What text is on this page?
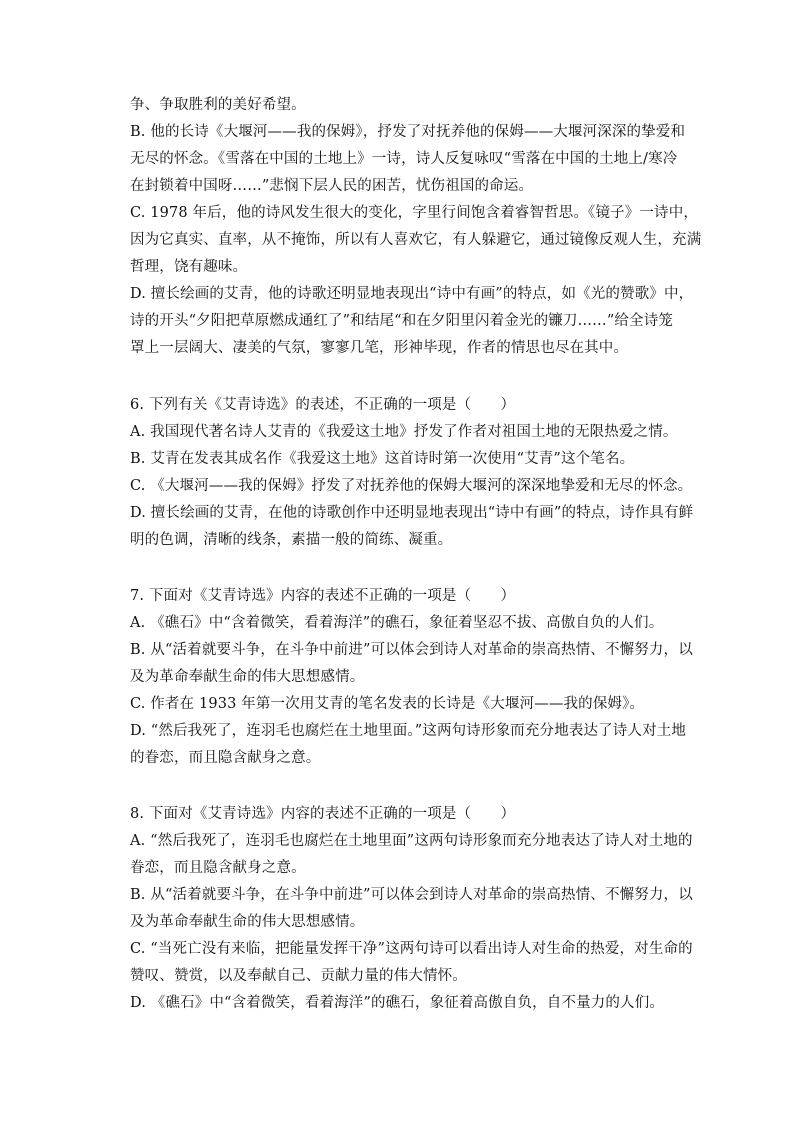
争、争取胜利的美好希望。
B. 他的长诗《大堰河——我的保姆》，抒发了对抚养他的保姆——大堰河深深的挚爱和
无尽的怀念。《雪落在中国的土地上》一诗，诗人反复咏叹“雪落在中国的土地上/寒冷
在封锁着中国呀……”悲悯下层人民的困苦，忧伤祖国的命运。
C. 1978 年后，他的诗风发生很大的变化，字里行间饱含着睿智哲思。《镜子》一诗中，
因为它真实、直率，从不掩饰，所以有人喜欢它，有人躲避它，通过镜像反观人生，充满
哲理，饶有趣味。
D. 擅长绘画的艾青，他的诗歌还明显地表现出“诗中有画”的特点，如《光的赞歌》中，
诗的开头“夕阳把草原燃成通红了”和结尾“和在夕阳里闪着金光的镰刀……”给全诗笼
罩上一层阔大、凄美的气氛，寥寥几笔，形神毕现，作者的情思也尽在其中。
6. 下列有关《艾青诗选》的表述，不正确的一项是（　　）
A. 我国现代著名诗人艾青的《我爱这土地》抒发了作者对祖国土地的无限热爱之情。
B. 艾青在发表其成名作《我爱这土地》这首诗时第一次使用“艾青”这个笔名。
C. 《大堰河——我的保姆》抒发了对抚养他的保姆大堰河的深深地挚爱和无尽的怀念。
D. 擅长绘画的艾青，在他的诗歌创作中还明显地表现出“诗中有画”的特点，诗作具有鲜
明的色调，清晰的线条，素描一般的简练、凝重。
7. 下面对《艾青诗选》内容的表述不正确的一项是（　　）
A. 《礁石》中“含着微笑，看着海洋”的礁石，象征着坚忍不拔、高傲自负的人们。
B. 从“活着就要斗争，在斗争中前进”可以体会到诗人对革命的崇高热情、不懈努力，以
及为革命奉献生命的伟大思想感情。
C. 作者在 1933 年第一次用艾青的笔名发表的长诗是《大堰河——我的保姆》。
D. “然后我死了，连羽毛也腐烂在土地里面。”这两句诗形象而充分地表达了诗人对土地
的眷恋，而且隐含献身之意。
8. 下面对《艾青诗选》内容的表述不正确的一项是（　　）
A. “然后我死了，连羽毛也腐烂在土地里面”这两句诗形象而充分地表达了诗人对土地的
眷恋，而且隐含献身之意。
B. 从“活着就要斗争，在斗争中前进”可以体会到诗人对革命的崇高热情、不懈努力，以
及为革命奉献生命的伟大思想感情。
C. “当死亡没有来临，把能量发挥干净”这两句诗可以看出诗人对生命的热爱，对生命的
赞叹、赞赏，以及奉献自己、贡献力量的伟大情怀。
D. 《礁石》中“含着微笑，看着海洋”的礁石，象征着高傲自负，自不量力的人们。
